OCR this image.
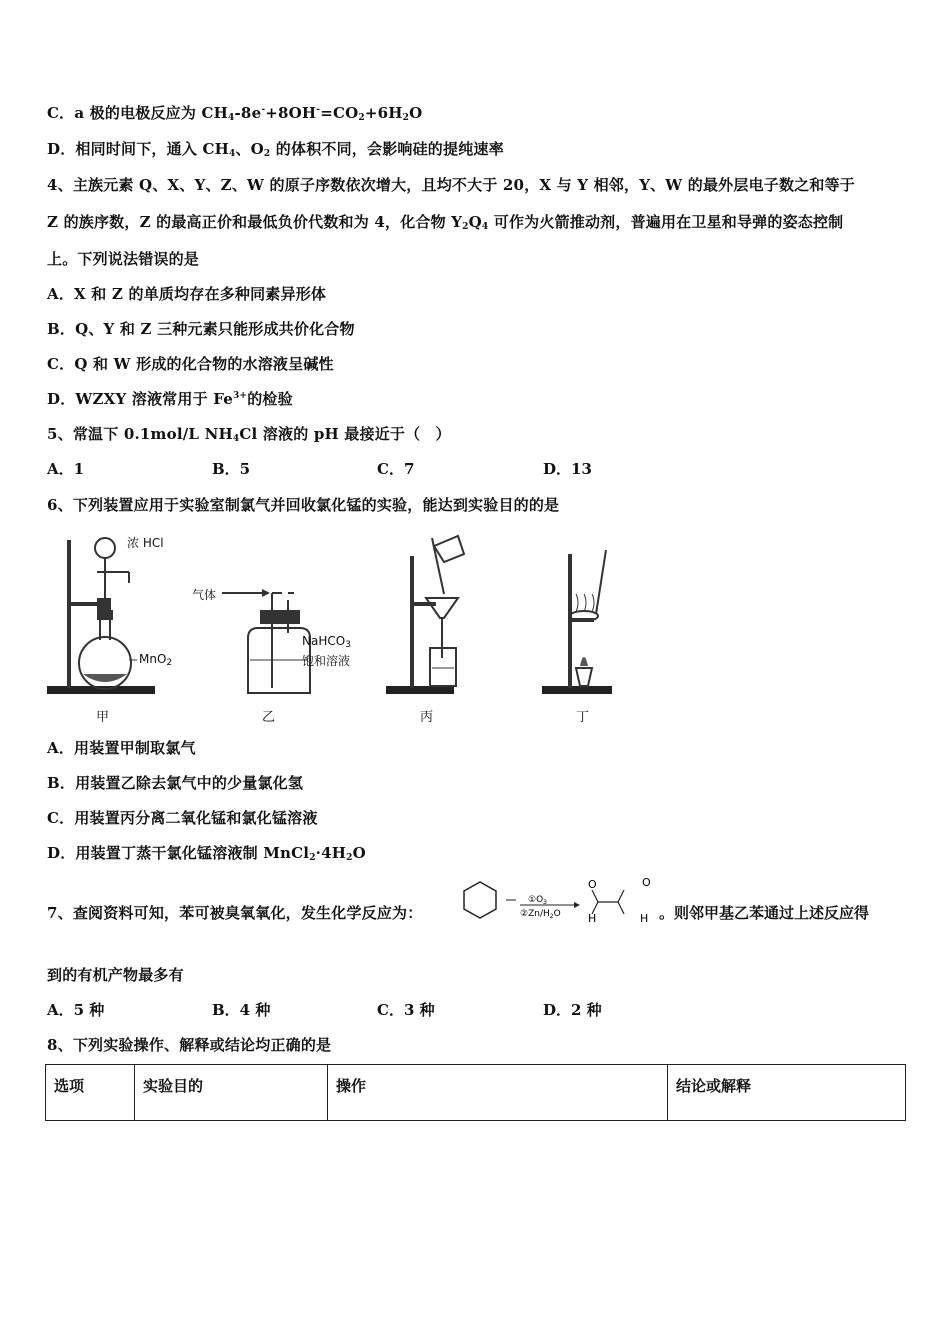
C．a 极的电极反应为 $CH_4-8e^-+8OH^-=CO_2+6H_2O$
D．相同时间下，通入 $CH_4$、$O_2$ 的体积不同，会影响硅的提纯速率
4、主族元素 Q、X、Y、Z、W 的原子序数依次增大，且均不大于 20，X 与 Y 相邻，Y、W 的最外层电子数之和等于
Z 的族序数，Z 的最高正价和最低负价代数和为 4，化合物 $Y_2Q_4$ 可作为火箭推动剂，普遍用在卫星和导弹的姿态控制
上。下列说法错误的是
A．X 和 Z 的单质均存在多种同素异形体
B．Q、Y 和 Z 三种元素只能形成共价化合物
C．Q 和 W 形成的化合物的水溶液呈碱性
D．WZXY 溶液常用于 $Fe^{3+}$的检验
5、常温下 0.1mol/L $NH_4Cl$ 溶液的 pH 最接近于（　）
A．1	B．5	C．7	D．13
6、下列装置应用于实验室制氯气并回收氯化锰的实验，能达到实验目的的是
浓 HCl
MnO$_2$
甲
气体
NaHCO$_3$
饱和溶液
乙	丙	丁
A．用装置甲制取氯气
B．用装置乙除去氯气中的少量氯化氢
C．用装置丙分离二氧化锰和氯化锰溶液
D．用装置丁蒸干氯化锰溶液制 $MnCl_2\cdot 4H_2O$
7、查阅资料可知，苯可被臭氧氧化，发生化学反应为：
$①O_3$
②Zn/$H_2O$
O	O
H	H 。则邻甲基乙苯通过上述反应得
到的有机产物最多有
A．5 种	B．4 种	C．3 种	D．2 种
8、下列实验操作、解释或结论均正确的是
选项	实验目的	操作	结论或解释
